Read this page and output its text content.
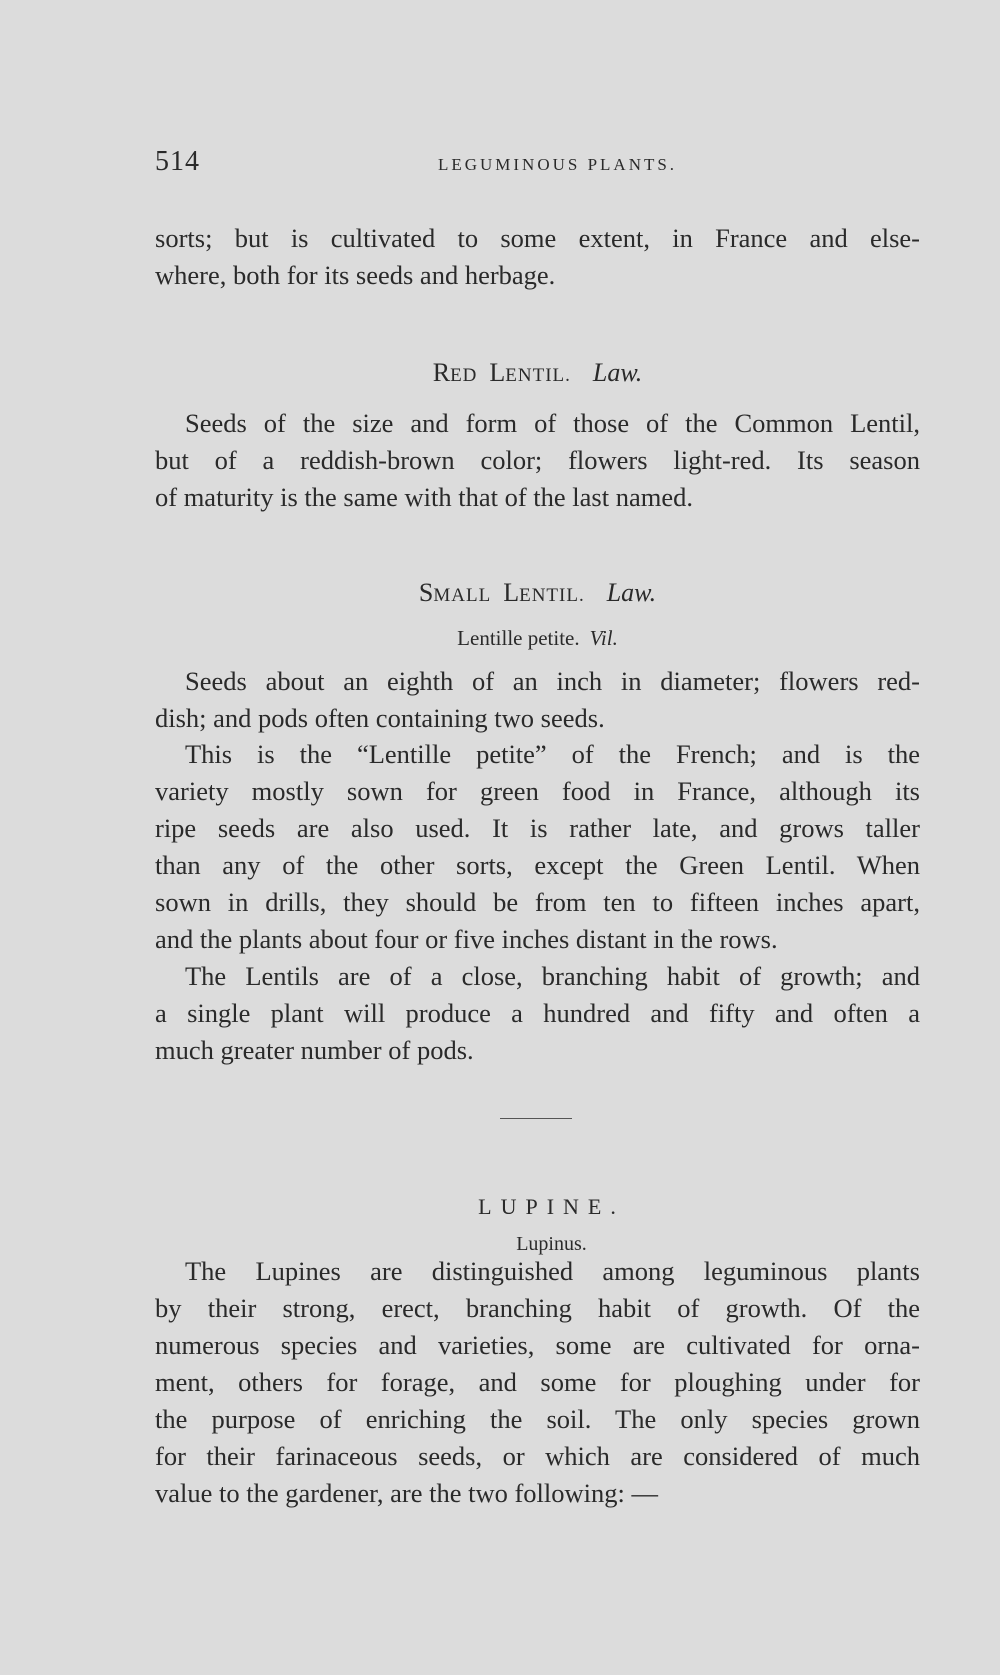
514	LEGUMINOUS PLANTS.
sorts; but is cultivated to some extent, in France and else-
where, both for its seeds and herbage.

RED LENTIL. Law.

Seeds of the size and form of those of the Common Lentil,
but of a reddish-brown color; flowers light-red. Its season
of maturity is the same with that of the last named.

SMALL LENTIL. Law.

Lentille petite. Vil.

Seeds about an eighth of an inch in diameter; flowers red-
dish; and pods often containing two seeds.
This is the “Lentille petite” of the French; and is the
variety mostly sown for green food in France, although its
ripe seeds are also used. It is rather late, and grows taller
than any of the other sorts, except the Green Lentil. When
sown in drills, they should be from ten to fifteen inches apart,
and the plants about four or five inches distant in the rows.
The Lentils are of a close, branching habit of growth; and
a single plant will produce a hundred and fifty and often a
much greater number of pods.

LUPINE.

Lupinus.

The Lupines are distinguished among leguminous plants
by their strong, erect, branching habit of growth. Of the
numerous species and varieties, some are cultivated for orna-
ment, others for forage, and some for ploughing under for
the purpose of enriching the soil. The only species grown
for their farinaceous seeds, or which are considered of much
value to the gardener, are the two following: —
